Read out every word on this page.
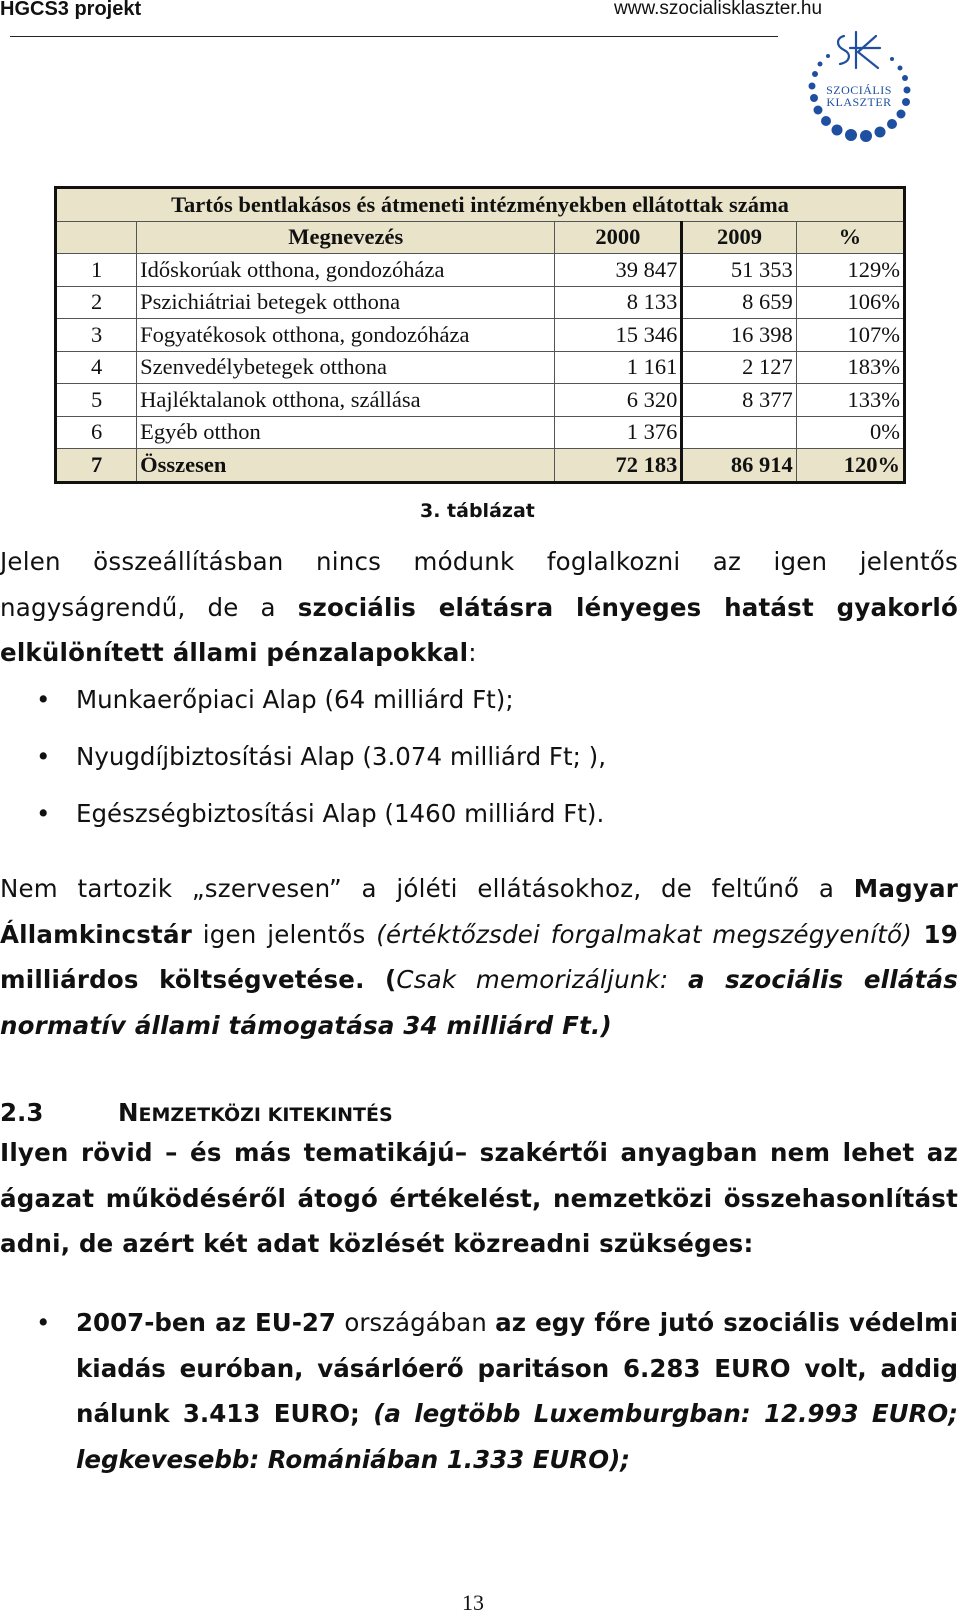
HGCS3 projekt	www.szocialisklaszter.hu
SZOCIÁLIS
KLASZTER
Tartós bentlakásos és átmeneti intézményekben ellátottak száma				
	Megnevezés	2000	2009	%
1	Időskorúak otthona, gondozóháza	39 847	51 353	129%
2	Pszichiátriai betegek otthona	8 133	8 659	106%
3	Fogyatékosok otthona, gondozóháza	15 346	16 398	107%
4	Szenvedélybetegek otthona	1 161	2 127	183%
5	Hajléktalanok otthona, szállása	6 320	8 377	133%
6	Egyéb otthon	1 376		0%
7	Összesen	72 183	86 914	120%
3. táblázat

Jelen összeállításban nincs módunk foglalkozni az igen jelentős nagyságrendű, de a szociális elátásra lényeges hatást gyakorló elkülönített állami pénzalapokkal:

• Munkaerőpiaci Alap (64 milliárd Ft);
• Nyugdíjbiztosítási Alap (3.074 milliárd Ft; ),
• Egészségbiztosítási Alap (1460 milliárd Ft).

Nem tartozik „szervesen” a jóléti ellátásokhoz, de feltűnő a Magyar Államkincstár igen jelentős (értéktőzsdei forgalmakat megszégyenítő) 19 milliárdos költségvetése. (Csak memorizáljunk: a szociális ellátás normatív állami támogatása 34 milliárd Ft.)

2.3	NEMZETKÖZI KITEKINTÉS

Ilyen rövid – és más tematikájú– szakértői anyagban nem lehet az ágazat működéséről átogó értékelést, nemzetközi összehasonlítást adni, de azért két adat közlését közreadni szükséges:

• 2007-ben az EU-27 országában az egy főre jutó szociális védelmi kiadás euróban, vásárlóerő paritáson 6.283 EURO volt, addig nálunk 3.413 EURO; (a legtöbb Luxemburgban: 12.993 EURO; legkevesebb: Romániában 1.333 EURO);

13
